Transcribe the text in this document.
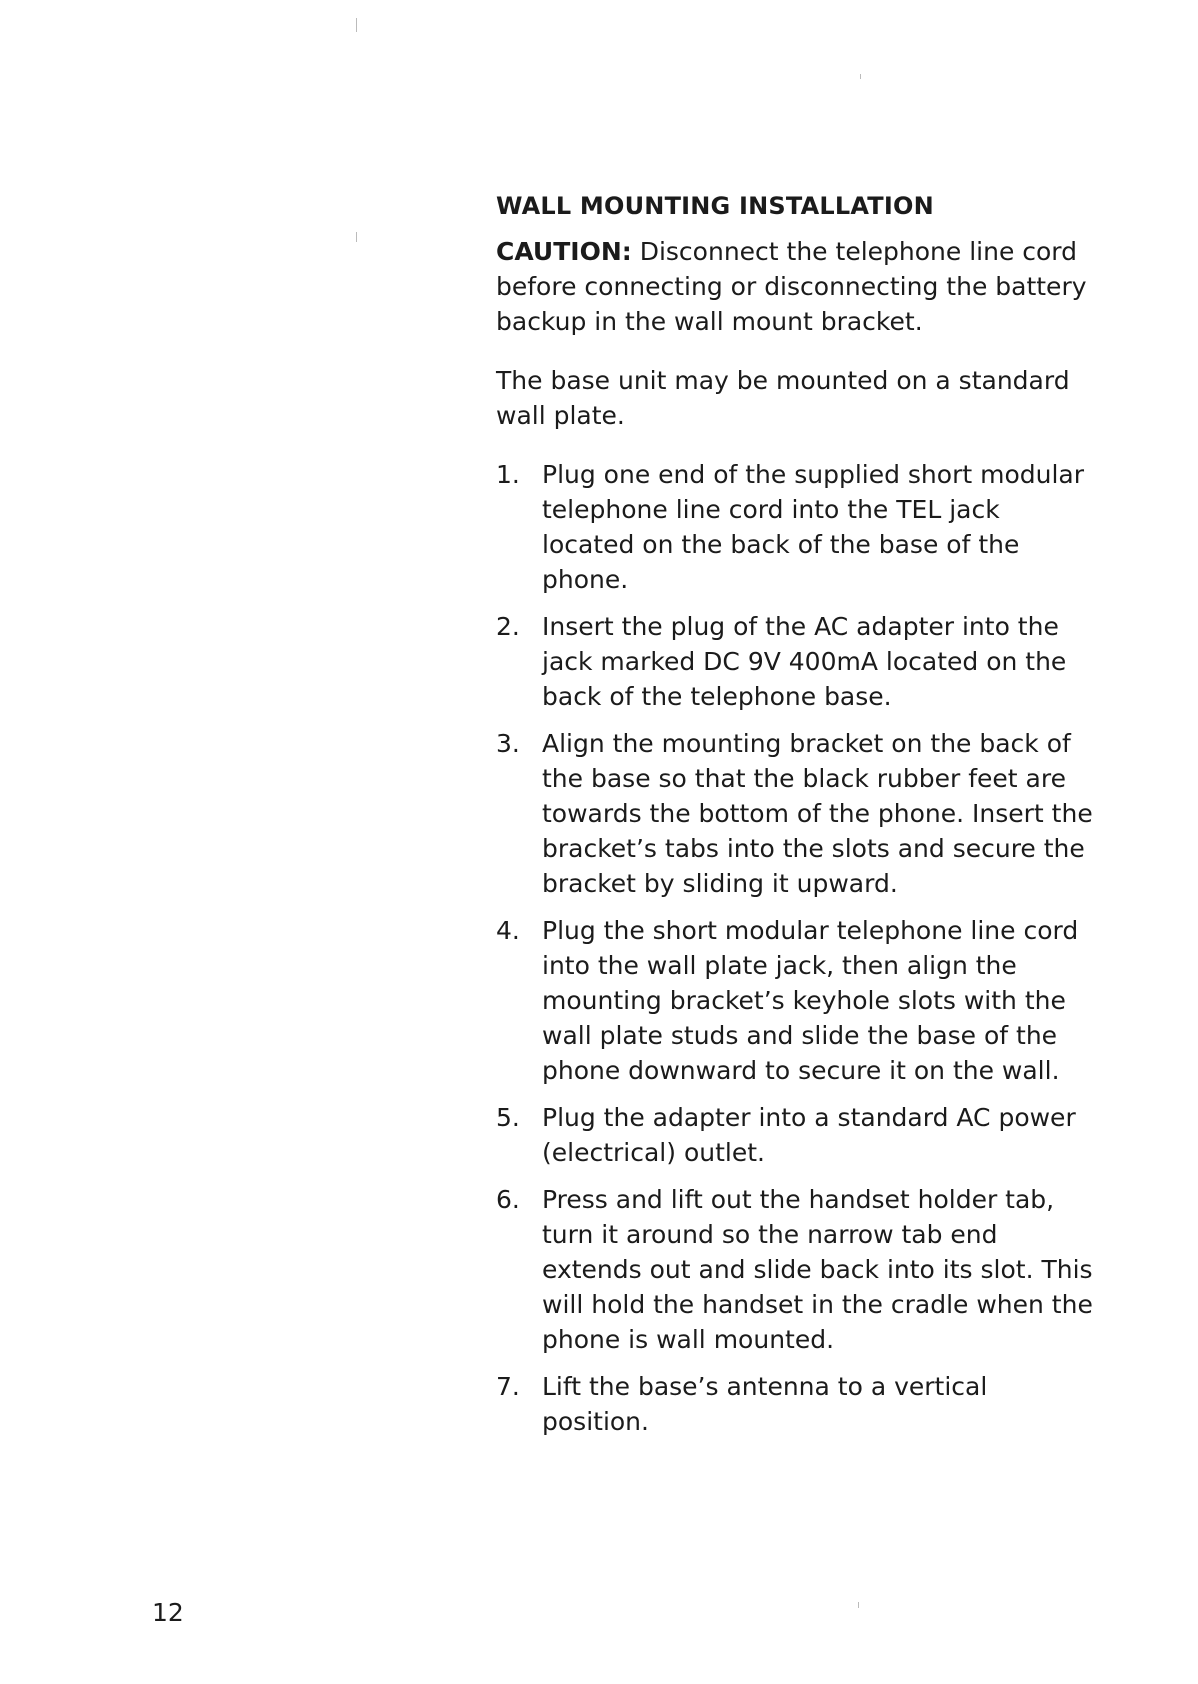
WALL MOUNTING INSTALLATION

CAUTION: Disconnect the telephone line cord before connecting or disconnecting the battery backup in the wall mount bracket.

The base unit may be mounted on a standard wall plate.

1. Plug one end of the supplied short modular telephone line cord into the TEL jack located on the back of the base of the phone.
2. Insert the plug of the AC adapter into the jack marked DC 9V 400mA located on the back of the telephone base.
3. Align the mounting bracket on the back of the base so that the black rubber feet are towards the bottom of the phone. Insert the bracket’s tabs into the slots and secure the bracket by sliding it upward.
4. Plug the short modular telephone line cord into the wall plate jack, then align the mounting bracket’s keyhole slots with the wall plate studs and slide the base of the phone downward to secure it on the wall.
5. Plug the adapter into a standard AC power (electrical) outlet.
6. Press and lift out the handset holder tab, turn it around so the narrow tab end extends out and slide back into its slot. This will hold the handset in the cradle when the phone is wall mounted.
7. Lift the base’s antenna to a vertical position.
12
